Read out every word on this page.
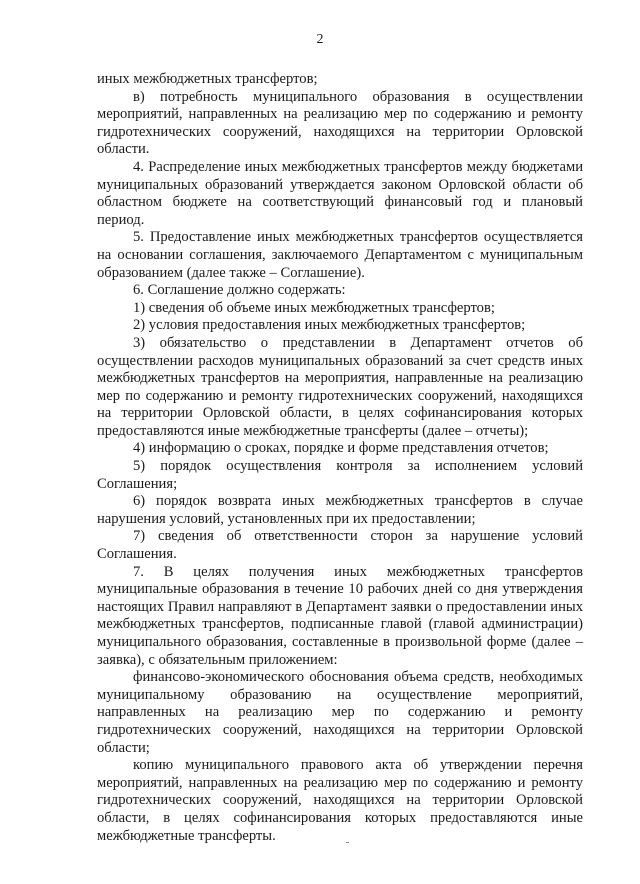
2

иных межбюджетных трансфертов;

в) потребность муниципального образования в осуществлении мероприятий, направленных на реализацию мер по содержанию и ремонту гидротехнических сооружений, находящихся на территории Орловской области.

4. Распределение иных межбюджетных трансфертов между бюджетами муниципальных образований утверждается законом Орловской области об областном бюджете на соответствующий финансовый год и плановый период.

5. Предоставление иных межбюджетных трансфертов осуществляется на основании соглашения, заключаемого Департаментом с муниципальным образованием (далее также – Соглашение).

6. Соглашение должно содержать:

1) сведения об объеме иных межбюджетных трансфертов;

2) условия предоставления иных межбюджетных трансфертов;

3) обязательство о представлении в Департамент отчетов об осуществлении расходов муниципальных образований за счет средств иных межбюджетных трансфертов на мероприятия, направленные на реализацию мер по содержанию и ремонту гидротехнических сооружений, находящихся на территории Орловской области, в целях софинансирования которых предоставляются иные межбюджетные трансферты (далее – отчеты);

4) информацию о сроках, порядке и форме представления отчетов;

5) порядок осуществления контроля за исполнением условий Соглашения;

6) порядок возврата иных межбюджетных трансфертов в случае нарушения условий, установленных при их предоставлении;

7) сведения об ответственности сторон за нарушение условий Соглашения.

7. В целях получения иных межбюджетных трансфертов муниципальные образования в течение 10 рабочих дней со дня утверждения настоящих Правил направляют в Департамент заявки о предоставлении иных межбюджетных трансфертов, подписанные главой (главой администрации) муниципального образования, составленные в произвольной форме (далее – заявка), с обязательным приложением:

финансово-экономического обоснования объема средств, необходимых муниципальному образованию на осуществление мероприятий, направленных на реализацию мер по содержанию и ремонту гидротехнических сооружений, находящихся на территории Орловской области;

копию муниципального правового акта об утверждении перечня мероприятий, направленных на реализацию мер по содержанию и ремонту гидротехнических сооружений, находящихся на территории Орловской области, в целях софинансирования которых предоставляются иные межбюджетные трансферты.
